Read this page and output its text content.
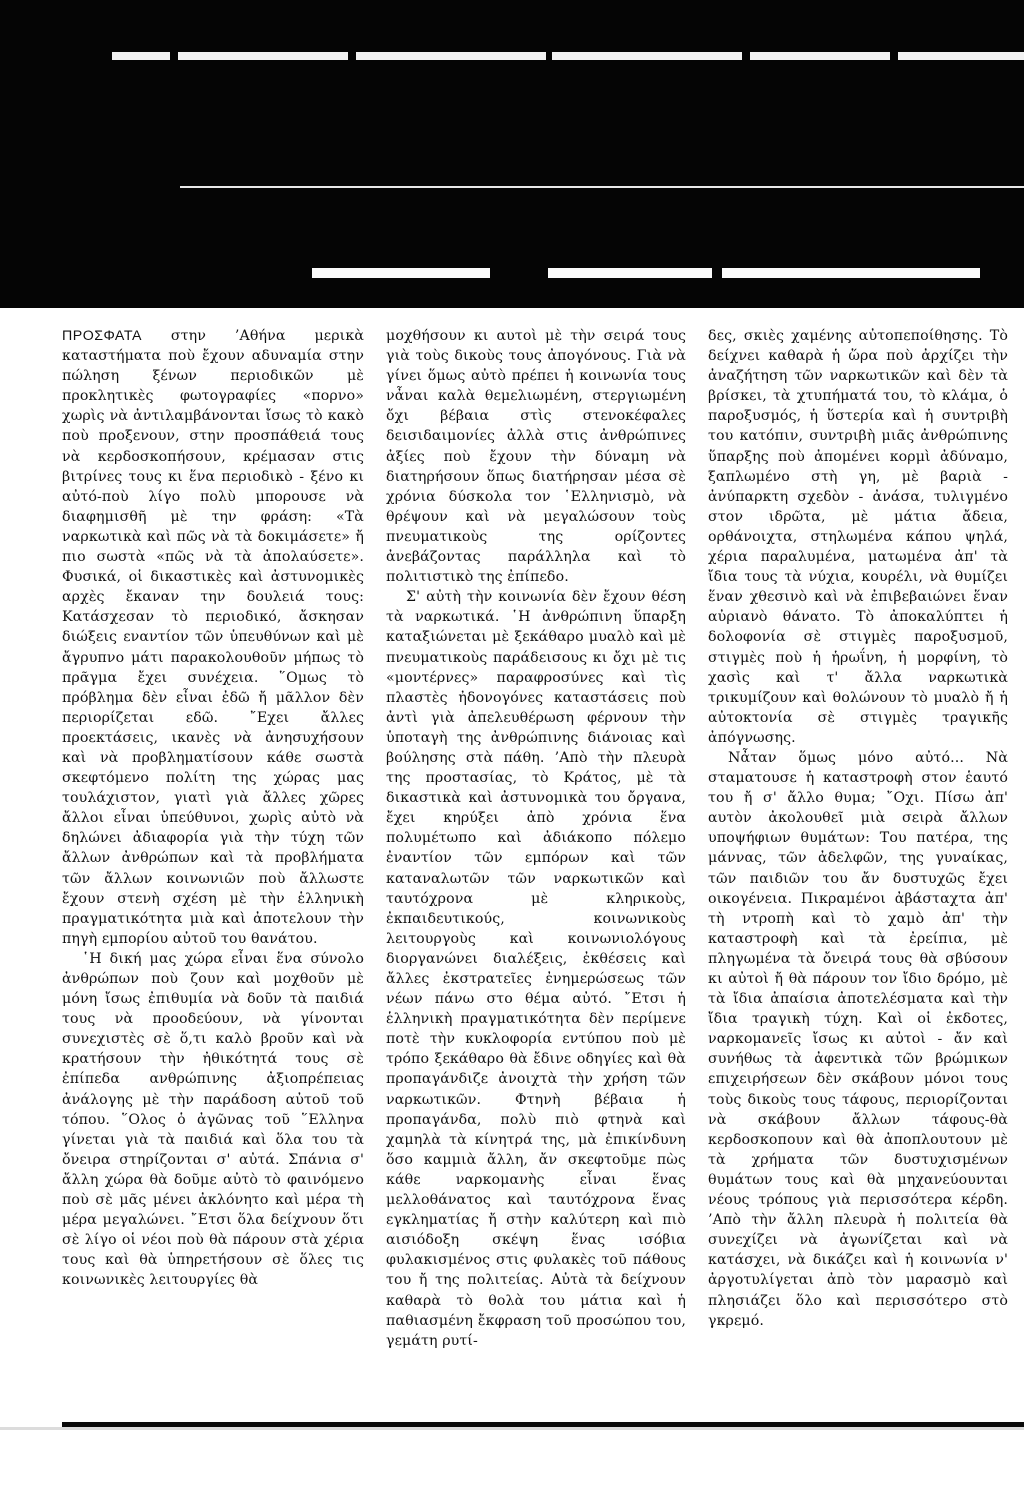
ΠΡΟΣΦΑΤΑ στην ’Αθήνα μερικὰ καταστήματα ποὺ ἔχουν αδυναμία στην πώληση ξένων περιοδικῶν μὲ προκλητικὲς φωτογραφίες «πορνο» χωρὶς νὰ ἀντιλαμβάνονται ἴσως τὸ κακὸ ποὺ προξενουν, στην προσπάθειά τους νὰ κερδοσκοπήσουν, κρέμασαν στις βιτρίνες τους κι ἕνα περιοδικὸ - ξένο κι αὐτό-ποὺ λίγο πολὺ μπορουσε νὰ διαφημισθῆ μὲ την φράση: «Τὰ ναρκωτικὰ καὶ πῶς νὰ τὰ δοκιμάσετε» ἤ πιο σωστὰ «πῶς νὰ τὰ ἀπολαύσετε». Φυσικά, οἱ δικαστικὲς καὶ ἀστυνομικὲς αρχὲς ἔκαναν την δουλειά τους: Κατάσχεσαν τὸ περιοδικό, ἄσκησαν διώξεις εναντίον τῶν ὑπευθύνων καὶ μὲ ἄγρυπνο μάτι παρακολουθοῦν μήπως τὸ πρᾶγμα ἔχει συνέχεια. ῞Ομως τὸ πρόβλημα δὲν εἶναι ἐδῶ ἤ μᾶλλον δὲν περιορίζεται εδῶ. ῎Εχει ἄλλες προεκτάσεις, ικανὲς νὰ ἀνησυχήσουν καὶ νὰ προβληματίσουν κάθε σωστὰ σκεφτόμενο πολίτη της χώρας μας τουλάχιστον, γιατὶ γιὰ ἄλλες χῶρες ἄλλοι εἶναι ὑπεύθυνοι, χωρὶς αὐτὸ νὰ δηλώνει ἀδιαφορία γιὰ τὴν τύχη τῶν ἄλλων ἀνθρώπων καὶ τὰ προβλήματα τῶν ἄλλων κοινωνιῶν ποὺ ἄλλωστε ἔχουν στενὴ σχέση μὲ τὴν ἑλληνικὴ πραγματικότητα μιὰ καὶ ἀποτελουν τὴν πηγὴ εμπορίου αὐτοῦ του θανάτου.

῾Η δική μας χώρα εἶναι ἕνα σύνολο ἀνθρώπων ποὺ ζουν καὶ μοχθοῦν μὲ μόνη ἴσως ἐπιθυμία νὰ δοῦν τὰ παιδιά τους νὰ προοδεύουν, νὰ γίνονται συνεχιστὲς σὲ ὅ,τι καλὸ βροῦν καὶ νὰ κρατήσουν τὴν ἠθικότητά τους σὲ ἐπίπεδα ανθρώπινης ἀξιοπρέπειας ἀνάλογης μὲ τὴν παράδοση αὐτοῦ τοῦ τόπου. ῞Ολος ὁ ἀγῶνας τοῦ ῞Ελληνα γίνεται γιὰ τὰ παιδιά καὶ ὅλα του τὰ ὄνειρα στηρίζονται σ' αὐτά. Σπάνια σ' ἄλλη χώρα θὰ δοῦμε αὐτὸ τὸ φαινόμενο ποὺ σὲ μᾶς μένει ἀκλόνητο καὶ μέρα τὴ μέρα μεγαλώνει. ῎Ετσι ὅλα δείχνουν ὅτι σὲ λίγο οἱ νέοι ποὺ θὰ πάρουν στὰ χέρια τους καὶ θὰ ὑπηρετήσουν σὲ ὅλες τις κοινωνικὲς λειτουργίες θὰ

μοχθήσουν κι αυτοὶ μὲ τὴν σειρά τους γιὰ τοὺς δικοὺς τους ἀπογόνους. Γιὰ νὰ γίνει ὅμως αὐτὸ πρέπει ἡ κοινωνία τους νἆναι καλὰ θεμελιωμένη, στεργιωμένη ὄχι βέβαια στὶς στενοκέφαλες δεισιδαιμονίες ἀλλὰ στις ἀνθρώπινες ἀξίες ποὺ ἔχουν τὴν δύναμη νὰ διατηρήσουν ὅπως διατήρησαν μέσα σὲ χρόνια δύσκολα τον ῾Ελληνισμὸ, νὰ θρέψουν καὶ νὰ μεγαλώσουν τοὺς πνευματικοὺς της ορίζοντες ἀνεβάζοντας παράλληλα καὶ τὸ πολιτιστικὸ της ἐπίπεδο.

Σ' αὐτὴ τὴν κοινωνία δὲν ἔχουν θέση τὰ ναρκωτικά. ῾Η ἀνθρώπινη ὕπαρξη καταξιώνεται μὲ ξεκάθαρο μυαλὸ καὶ μὲ πνευματικοὺς παράδεισους κι ὄχι μὲ τις «μοντέρνες» παραφροσύνες καὶ τὶς πλαστὲς ἠδονογόνες καταστάσεις ποὺ ἀντὶ γιὰ ἀπελευθέρωση φέρνουν τὴν ὑποταγὴ της ἀνθρώπινης διάνοιας καὶ βούλησης στὰ πάθη. ’Απὸ τὴν πλευρὰ της προστασίας, τὸ Κράτος, μὲ τὰ δικαστικὰ καὶ ἀστυνομικὰ του ὄργανα, ἔχει κηρύξει ἀπὸ χρόνια ἕνα πολυμέτωπο καὶ ἀδιάκοπο πόλεμο ἐναντίον τῶν εμπόρων καὶ τῶν καταναλωτῶν τῶν ναρκωτικῶν καὶ ταυτόχρονα μὲ κληρικοὺς, ἐκπαιδευτικούς, κοινωνικοὺς λειτουργοὺς καὶ κοινωνιολόγους διοργανώνει διαλέξεις, ἐκθέσεις καὶ ἄλλες ἐκστρατεῖες ἐνημερώσεως τῶν νέων πάνω στο θέμα αὐτό. ῎Ετσι ἡ ἑλληνικὴ πραγματικότητα δὲν περίμενε ποτὲ τὴν κυκλοφορία εντύπου ποὺ μὲ τρόπο ξεκάθαρο θὰ ἔδινε οδηγίες καὶ θὰ προπαγάνδιζε ἀνοιχτὰ τὴν χρήση τῶν ναρκωτικῶν. Φτηνὴ βέβαια ἡ προπαγάνδα, πολὺ πιὸ φτηνὰ καὶ χαμηλὰ τὰ κίνητρά της, μὰ ἐπικίνδυνη ὅσο καμμιὰ ἄλλη, ἄν σκεφτοῦμε πὼς κάθε ναρκομανὴς εἶναι ἕνας μελλοθάνατος καὶ ταυτόχρονα ἕνας εγκληματίας ἤ στὴν καλύτερη καὶ πιὸ αισιόδοξη σκέψη ἕνας ισόβια φυλακισμένος στις φυλακὲς τοῦ πάθους του ἤ της πολιτείας. Αὐτὰ τὰ δείχνουν καθαρὰ τὸ θολὰ του μάτια καὶ ἡ παθιασμένη ἔκφραση τοῦ προσώπου του, γεμάτη ρυτί-

δες, σκιὲς χαμένης αὐτοπεποίθησης. Τὸ δείχνει καθαρὰ ἡ ὥρα ποὺ ἀρχίζει τὴν ἀναζήτηση τῶν ναρκωτικῶν καὶ δὲν τὰ βρίσκει, τὰ χτυπήματά του, τὸ κλάμα, ὁ παροξυσμός, ἡ ὕστερία καὶ ἡ συντριβὴ του κατόπιν, συντριβὴ μιᾶς ἀνθρώπινης ὕπαρξης ποὺ ἀπομένει κορμὶ ἀδύναμο, ξαπλωμένο στὴ γη, μὲ βαριὰ - ἀνύπαρκτη σχεδὸν - ἀνάσα, τυλιγμένο στον ιδρῶτα, μὲ μάτια ἄδεια, ορθάνοιχτα, στηλωμένα κάπου ψηλά, χέρια παραλυμένα, ματωμένα ἀπ' τὰ ἴδια τους τὰ νύχια, κουρέλι, νὰ θυμίζει ἕναν χθεσινὸ καὶ νὰ ἐπιβεβαιώνει ἕναν αὐριανὸ θάνατο. Τὸ ἀποκαλύπτει ἡ δολοφονία σὲ στιγμὲς παροξυσμοῦ, στιγμὲς ποὺ ἡ ἡρωΐνη, ἡ μορφίνη, τὸ χασὶς καὶ τ' ἄλλα ναρκωτικὰ τρικυμίζουν καὶ θολώνουν τὸ μυαλὸ ἤ ἡ αὐτοκτονία σὲ στιγμὲς τραγικῆς ἀπόγνωσης.

Νἆταν ὅμως μόνο αὐτό... Νὰ σταματουσε ἡ καταστροφὴ στον ἑαυτό του ἤ σ' ἄλλο θυμα; ῎Οχι. Πίσω ἀπ' αυτὸν ἀκολουθεῖ μιὰ σειρὰ ἄλλων υποψήφιων θυμάτων: Του πατέρα, της μάννας, τῶν ἀδελφῶν, της γυναίκας, τῶν παιδιῶν του ἄν δυστυχῶς ἔχει οικογένεια. Πικραμένοι ἀβάσταχτα ἀπ' τὴ ντροπὴ καὶ τὸ χαμὸ ἀπ' τὴν καταστροφὴ καὶ τὰ ἐρείπια, μὲ πληγωμένα τὰ ὄνειρά τους θὰ σβύσουν κι αὐτοὶ ἤ θὰ πάρουν τον ἴδιο δρόμο, μὲ τὰ ἴδια ἀπαίσια ἀποτελέσματα καὶ τὴν ἴδια τραγικὴ τύχη. Καὶ οἱ ἐκδοτες, ναρκομανεῖς ἴσως κι αὐτοὶ - ἄν καὶ συνήθως τὰ ἀφεντικὰ τῶν βρώμικων επιχειρήσεων δὲν σκάβουν μόνοι τους τοὺς δικοὺς τους τάφους, περιορίζονται νὰ σκάβουν ἄλλων τάφους-θὰ κερδοσκοπουν καὶ θὰ ἀποπλουτουν μὲ τὰ χρήματα τῶν δυστυχισμένων θυμάτων τους καὶ θὰ μηχανεύουνται νέους τρόπους γιὰ περισσότερα κέρδη. ’Απὸ τὴν ἄλλη πλευρὰ ἡ πολιτεία θὰ συνεχίζει νὰ ἀγωνίζεται καὶ νὰ κατάσχει, νὰ δικάζει καὶ ἡ κοινωνία ν' ἀργοτυλίγεται ἀπὸ τὸν μαρασμὸ καὶ πλησιάζει ὅλο καὶ περισσότερο στὸ γκρεμό.
